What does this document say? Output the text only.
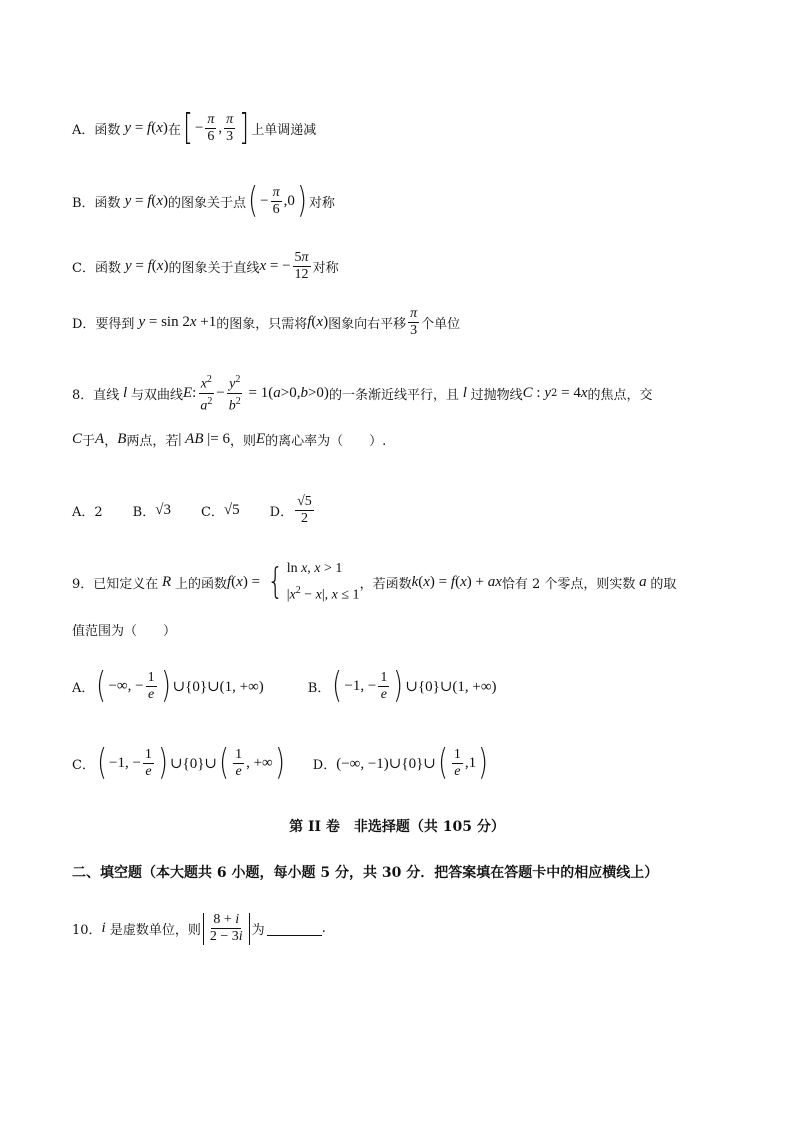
A．函数 y = f ( x ) 在 [ − $\frac{\pi}{6}$ , $\frac{\pi}{3}$ ] 上单调递减
B．函数 y = f ( x ) 的图象关于点 ( − $\frac{\pi}{6} ,0$ ) 对称
C．函数 y = f ( x ) 的图象关于直线 x = − $\frac{5\pi}{12}$ 对称
D．要得到 y = sin 2 x +1 的图象，只需将 f ( x ) 图象向右平移 $\frac{\pi}{3}$ 个单位
8．直线 l 与双曲线 E : $\frac{x^2}{a^2} - \frac{y^2}{b^2} = 1$( a >0, b >0) 的一条渐近线平行，且 l 过抛物线 C : y 2 = 4 x 的焦点，交
C 于 A ， B 两点，若 | AB |= 6 ，则 E 的离心率为（　　）.
A．2 B． √3 C． √5 D． $\frac{√5}{2}$
9．已知定义在 R 上的函数 f ( x ) = { ln x, x > 1
$|x^2 - x|$, x ≤ 1
，若函数 k ( x ) = f ( x ) + ax 恰有 2 个零点，则实数 a 的取
值范围为（　　）
A． ( −∞, − $\frac{1}{e}$ ) ∪{0}∪(1, +∞)	B． ( −1, − $\frac{1}{e}$ ) ∪{0}∪(1, +∞)
C． ( −1, − $\frac{1}{e}$ ) ∪{0}∪ ( $\frac{1}{e}$ , +∞ ) D． (−∞, −1)∪{0}∪ ( $\frac{1}{e} ,1$ )
第 II 卷　非选择题（共 105 分）
二、填空题（本大题共 6 小题，每小题 5 分，共 30 分．把答案填在答题卡中的相应横线上）
10． i
是虚数单位，则 $\frac{8 + i}{2 - 3i}$ 为	.
